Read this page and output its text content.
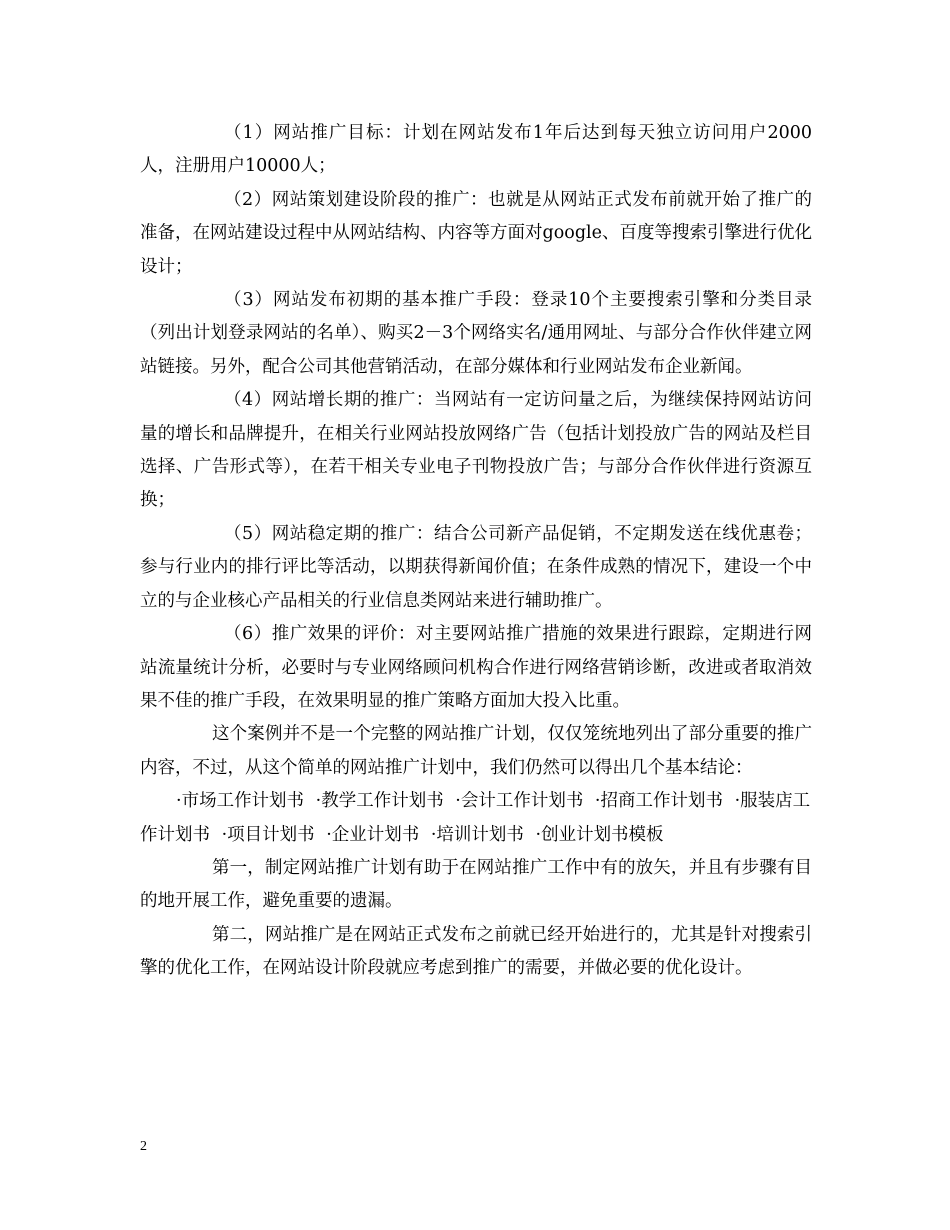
（1）网站推广目标：计划在网站发布1年后达到每天独立访问用户2000人，注册用户10000人；

（2）网站策划建设阶段的推广：也就是从网站正式发布前就开始了推广的准备，在网站建设过程中从网站结构、内容等方面对google、百度等搜索引擎进行优化设计；

（3）网站发布初期的基本推广手段：登录10个主要搜索引擎和分类目录（列出计划登录网站的名单）、购买2－3个网络实名/通用网址、与部分合作伙伴建立网站链接。另外，配合公司其他营销活动，在部分媒体和行业网站发布企业新闻。

（4）网站增长期的推广：当网站有一定访问量之后，为继续保持网站访问量的增长和品牌提升，在相关行业网站投放网络广告（包括计划投放广告的网站及栏目选择、广告形式等），在若干相关专业电子刊物投放广告；与部分合作伙伴进行资源互换；

（5）网站稳定期的推广：结合公司新产品促销，不定期发送在线优惠卷；参与行业内的排行评比等活动，以期获得新闻价值；在条件成熟的情况下，建设一个中立的与企业核心产品相关的行业信息类网站来进行辅助推广。

（6）推广效果的评价：对主要网站推广措施的效果进行跟踪，定期进行网站流量统计分析，必要时与专业网络顾问机构合作进行网络营销诊断，改进或者取消效果不佳的推广手段，在效果明显的推广策略方面加大投入比重。

这个案例并不是一个完整的网站推广计划，仅仅笼统地列出了部分重要的推广内容，不过，从这个简单的网站推广计划中，我们仍然可以得出几个基本结论：

·市场工作计划书 ·教学工作计划书 ·会计工作计划书 ·招商工作计划书 ·服装店工作计划书 ·项目计划书 ·企业计划书 ·培训计划书 ·创业计划书模板

第一，制定网站推广计划有助于在网站推广工作中有的放矢，并且有步骤有目的地开展工作，避免重要的遗漏。

第二，网站推广是在网站正式发布之前就已经开始进行的，尤其是针对搜索引擎的优化工作，在网站设计阶段就应考虑到推广的需要，并做必要的优化设计。

2
